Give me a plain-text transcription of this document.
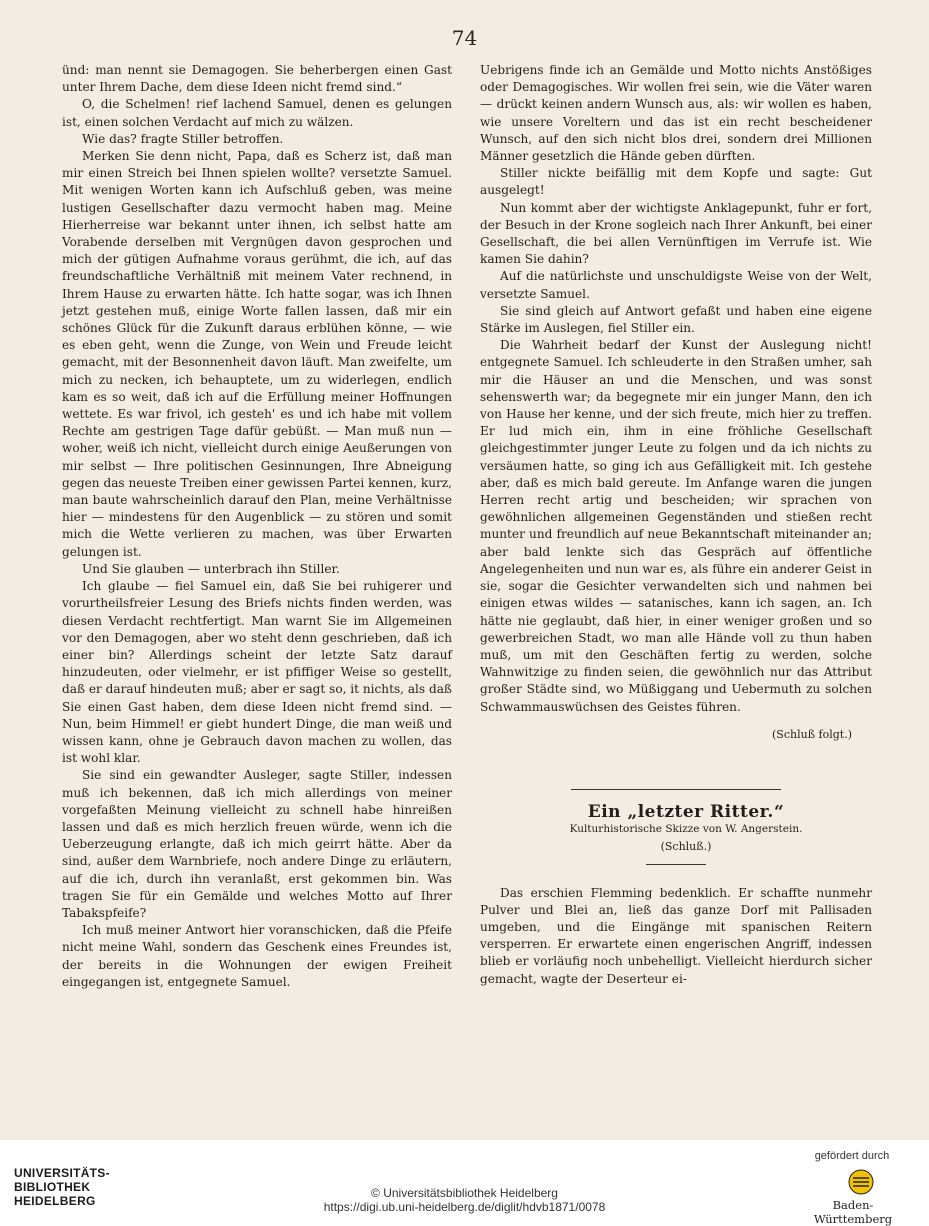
74

ünd: man nennt sie Demagogen. Sie beherbergen einen Gast unter Ihrem Dache, dem diese Ideen nicht fremd sind.“

O, die Schelmen! rief lachend Samuel, denen es gelungen ist, einen solchen Verdacht auf mich zu wälzen.

Wie das? fragte Stiller betroffen.

Merken Sie denn nicht, Papa, daß es Scherz ist, daß man mir einen Streich bei Ihnen spielen wollte? versetzte Samuel. Mit wenigen Worten kann ich Aufschluß geben, was meine lustigen Gesellschafter dazu vermocht haben mag. Meine Hierherreise war bekannt unter ihnen, ich selbst hatte am Vorabende derselben mit Vergnügen davon gesprochen und mich der gütigen Aufnahme voraus gerühmt, die ich, auf das freundschaftliche Verhältniß mit meinem Vater rechnend, in Ihrem Hause zu erwarten hätte. Ich hatte sogar, was ich Ihnen jetzt gestehen muß, einige Worte fallen lassen, daß mir ein schönes Glück für die Zukunft daraus erblühen könne, — wie es eben geht, wenn die Zunge, von Wein und Freude leicht gemacht, mit der Besonnenheit davon läuft. Man zweifelte, um mich zu necken, ich behauptete, um zu widerlegen, endlich kam es so weit, daß ich auf die Erfüllung meiner Hoffnungen wettete. Es war frivol, ich gesteh' es und ich habe mit vollem Rechte am gestrigen Tage dafür gebüßt. — Man muß nun — woher, weiß ich nicht, vielleicht durch einige Aeußerungen von mir selbst — Ihre politischen Gesinnungen, Ihre Abneigung gegen das neueste Treiben einer gewissen Partei kennen, kurz, man baute wahrscheinlich darauf den Plan, meine Verhältnisse hier — mindestens für den Augenblick — zu stören und somit mich die Wette verlieren zu machen, was über Erwarten gelungen ist.

Und Sie glauben — unterbrach ihn Stiller.

Ich glaube — fiel Samuel ein, daß Sie bei ruhigerer und vorurtheilsfreier Lesung des Briefs nichts finden werden, was diesen Verdacht rechtfertigt. Man warnt Sie im Allgemeinen vor den Demagogen, aber wo steht denn geschrieben, daß ich einer bin? Allerdings scheint der letzte Satz darauf hinzudeuten, oder vielmehr, er ist pfiffiger Weise so gestellt, daß er darauf hindeuten muß; aber er sagt so, it nichts, als daß Sie einen Gast haben, dem diese Ideen nicht fremd sind. — Nun, beim Himmel! er giebt hundert Dinge, die man weiß und wissen kann, ohne je Gebrauch davon machen zu wollen, das ist wohl klar.

Sie sind ein gewandter Ausleger, sagte Stiller, indessen muß ich bekennen, daß ich mich allerdings von meiner vorgefaßten Meinung vielleicht zu schnell habe hinreißen lassen und daß es mich herzlich freuen würde, wenn ich die Ueberzeugung erlangte, daß ich mich geirrt hätte. Aber da sind, außer dem Warnbriefe, noch andere Dinge zu erläutern, auf die ich, durch ihn veranlaßt, erst gekommen bin. Was tragen Sie für ein Gemälde und welches Motto auf Ihrer Tabakspfeife?

Ich muß meiner Antwort hier voranschicken, daß die Pfeife nicht meine Wahl, sondern das Geschenk eines Freundes ist, der bereits in die Wohnungen der ewigen Freiheit eingegangen ist, entgegnete Samuel.

Uebrigens finde ich an Gemälde und Motto nichts Anstößiges oder Demagogisches. Wir wollen frei sein, wie die Väter waren — drückt keinen andern Wunsch aus, als: wir wollen es haben, wie unsere Voreltern und das ist ein recht bescheidener Wunsch, auf den sich nicht blos drei, sondern drei Millionen Männer gesetzlich die Hände geben dürften.

Stiller nickte beifällig mit dem Kopfe und sagte: Gut ausgelegt!

Nun kommt aber der wichtigste Anklagepunkt, fuhr er fort, der Besuch in der Krone sogleich nach Ihrer Ankunft, bei einer Gesellschaft, die bei allen Vernünftigen im Verrufe ist. Wie kamen Sie dahin?

Auf die natürlichste und unschuldigste Weise von der Welt, versetzte Samuel.

Sie sind gleich auf Antwort gefaßt und haben eine eigene Stärke im Auslegen, fiel Stiller ein.

Die Wahrheit bedarf der Kunst der Auslegung nicht! entgegnete Samuel. Ich schleuderte in den Straßen umher, sah mir die Häuser an und die Menschen, und was sonst sehenswerth war; da begegnete mir ein junger Mann, den ich von Hause her kenne, und der sich freute, mich hier zu treffen. Er lud mich ein, ihm in eine fröhliche Gesellschaft gleichgestimmter junger Leute zu folgen und da ich nichts zu versäumen hatte, so ging ich aus Gefälligkeit mit. Ich gestehe aber, daß es mich bald gereute. Im Anfange waren die jungen Herren recht artig und bescheiden; wir sprachen von gewöhnlichen allgemeinen Gegenständen und stießen recht munter und freundlich auf neue Bekanntschaft miteinander an; aber bald lenkte sich das Gespräch auf öffentliche Angelegenheiten und nun war es, als führe ein anderer Geist in sie, sogar die Gesichter verwandelten sich und nahmen bei einigen etwas wildes — satanisches, kann ich sagen, an. Ich hätte nie geglaubt, daß hier, in einer weniger großen und so gewerbreichen Stadt, wo man alle Hände voll zu thun haben muß, um mit den Geschäften fertig zu werden, solche Wahnwitzige zu finden seien, die gewöhnlich nur das Attribut großer Städte sind, wo Müßiggang und Uebermuth zu solchen Schwammauswüchsen des Geistes führen.

(Schluß folgt.)

Ein „letzter Ritter.“

Kulturhistorische Skizze von W. Angerstein.

(Schluß.)

Das erschien Flemming bedenklich. Er schaffte nunmehr Pulver und Blei an, ließ das ganze Dorf mit Pallisaden umgeben, und die Eingänge mit spanischen Reitern versperren. Er erwartete einen engerischen Angriff, indessen blieb er vorläufig noch unbehelligt. Vielleicht hierdurch sicher gemacht, wagte der Deserteur ei-

UNIVERSITÄTS-
BIBLIOTHEK
HEIDELBERG
© Universitätsbibliothek Heidelberg
https://digi.ub.uni-heidelberg.de/diglit/hdvb1871/0078
gefördert durch
Baden-Württemberg
